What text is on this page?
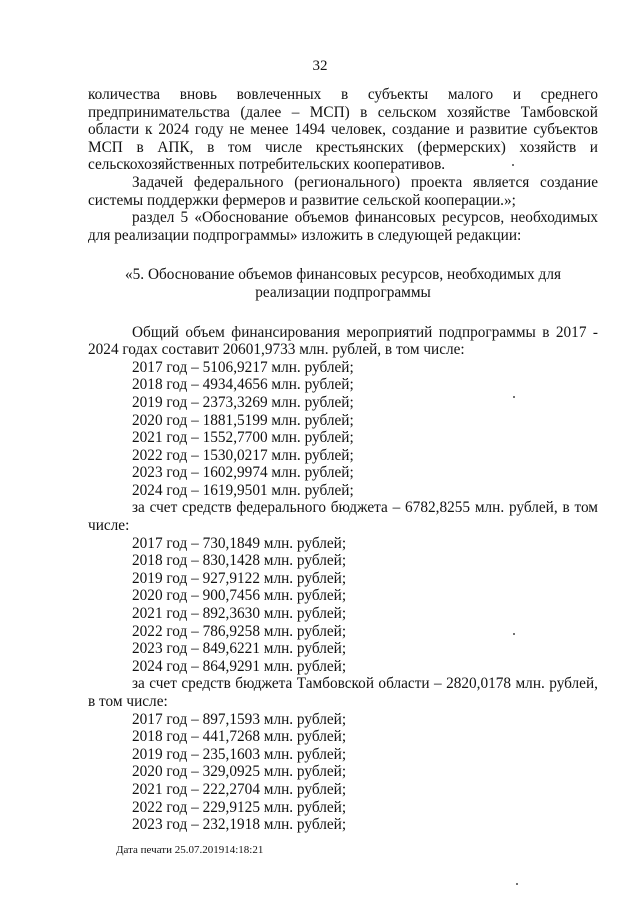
32

количества вновь вовлеченных в субъекты малого и среднего предпринимательства (далее – МСП) в сельском хозяйстве Тамбовской области к 2024 году не менее 1494 человек, создание и развитие субъектов МСП в АПК, в том числе крестьянских (фермерских) хозяйств и сельскохозяйственных потребительских кооперативов.

Задачей федерального (регионального) проекта является создание системы поддержки фермеров и развитие сельской кооперации.»;

раздел 5 «Обоснование объемов финансовых ресурсов, необходимых для реализации подпрограммы» изложить в следующей редакции:

«5. Обоснование объемов финансовых ресурсов, необходимых для реализации подпрограммы

Общий объем финансирования мероприятий подпрограммы в 2017 - 2024 годах составит 20601,9733 млн. рублей, в том числе:

2017 год – 5106,9217 млн. рублей;

2018 год – 4934,4656 млн. рублей;

2019 год – 2373,3269 млн. рублей;

2020 год – 1881,5199 млн. рублей;

2021 год – 1552,7700 млн. рублей;

2022 год – 1530,0217 млн. рублей;

2023 год – 1602,9974 млн. рублей;

2024 год – 1619,9501 млн. рублей;

за счет средств федерального бюджета – 6782,8255 млн. рублей, в том числе:

2017 год – 730,1849 млн. рублей;

2018 год – 830,1428 млн. рублей;

2019 год – 927,9122 млн. рублей;

2020 год – 900,7456 млн. рублей;

2021 год – 892,3630 млн. рублей;

2022 год – 786,9258 млн. рублей;

2023 год – 849,6221 млн. рублей;

2024 год – 864,9291 млн. рублей;

за счет средств бюджета Тамбовской области – 2820,0178 млн. рублей, в том числе:

2017 год – 897,1593 млн. рублей;

2018 год – 441,7268 млн. рублей;

2019 год – 235,1603 млн. рублей;

2020 год – 329,0925 млн. рублей;

2021 год – 222,2704 млн. рублей;

2022 год – 229,9125 млн. рублей;

2023 год – 232,1918 млн. рублей;

Дата печати 25.07.201914:18:21
